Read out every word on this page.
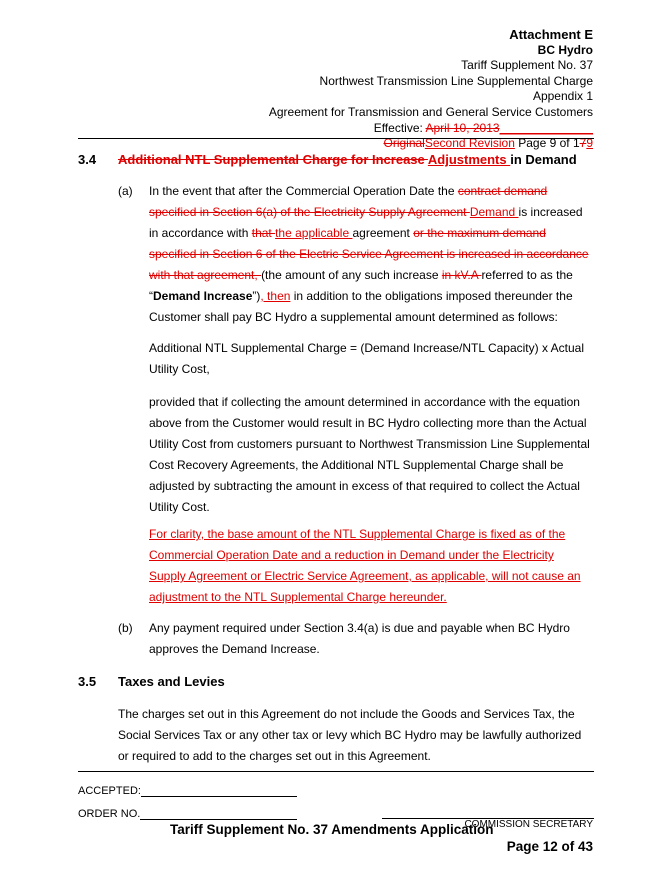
Attachment E
BC Hydro
Tariff Supplement No. 37
Northwest Transmission Line Supplemental Charge
Appendix 1
Agreement for Transmission and General Service Customers
Effective: April 10, 2013______________
OriginalSecond Revision Page 9 of 179
3.4 Additional NTL Supplemental Charge for Increase Adjustments in Demand
(a) In the event that after the Commercial Operation Date the contract demand specified in Section 6(a) of the Electricity Supply Agreement Demand is increased in accordance with that the applicable agreement or the maximum demand specified in Section 6 of the Electric Service Agreement is increased in accordance with that agreement, (the amount of any such increase in kV.A referred to as the “Demand Increase”), then in addition to the obligations imposed thereunder the Customer shall pay BC Hydro a supplemental amount determined as follows:
Additional NTL Supplemental Charge = (Demand Increase/NTL Capacity) x Actual Utility Cost,
provided that if collecting the amount determined in accordance with the equation above from the Customer would result in BC Hydro collecting more than the Actual Utility Cost from customers pursuant to Northwest Transmission Line Supplemental Cost Recovery Agreements, the Additional NTL Supplemental Charge shall be adjusted by subtracting the amount in excess of that required to collect the Actual Utility Cost.
For clarity, the base amount of the NTL Supplemental Charge is fixed as of the Commercial Operation Date and a reduction in Demand under the Electricity Supply Agreement or Electric Service Agreement, as applicable, will not cause an adjustment to the NTL Supplemental Charge hereunder.
(b) Any payment required under Section 3.4(a) is due and payable when BC Hydro approves the Demand Increase.
3.5 Taxes and Levies
The charges set out in this Agreement do not include the Goods and Services Tax, the Social Services Tax or any other tax or levy which BC Hydro may be lawfully authorized or required to add to the charges set out in this Agreement.
ACCEPTED:
ORDER NO.
COMMISSION SECRETARY
Tariff Supplement No. 37 Amendments Application
Page 12 of 43
